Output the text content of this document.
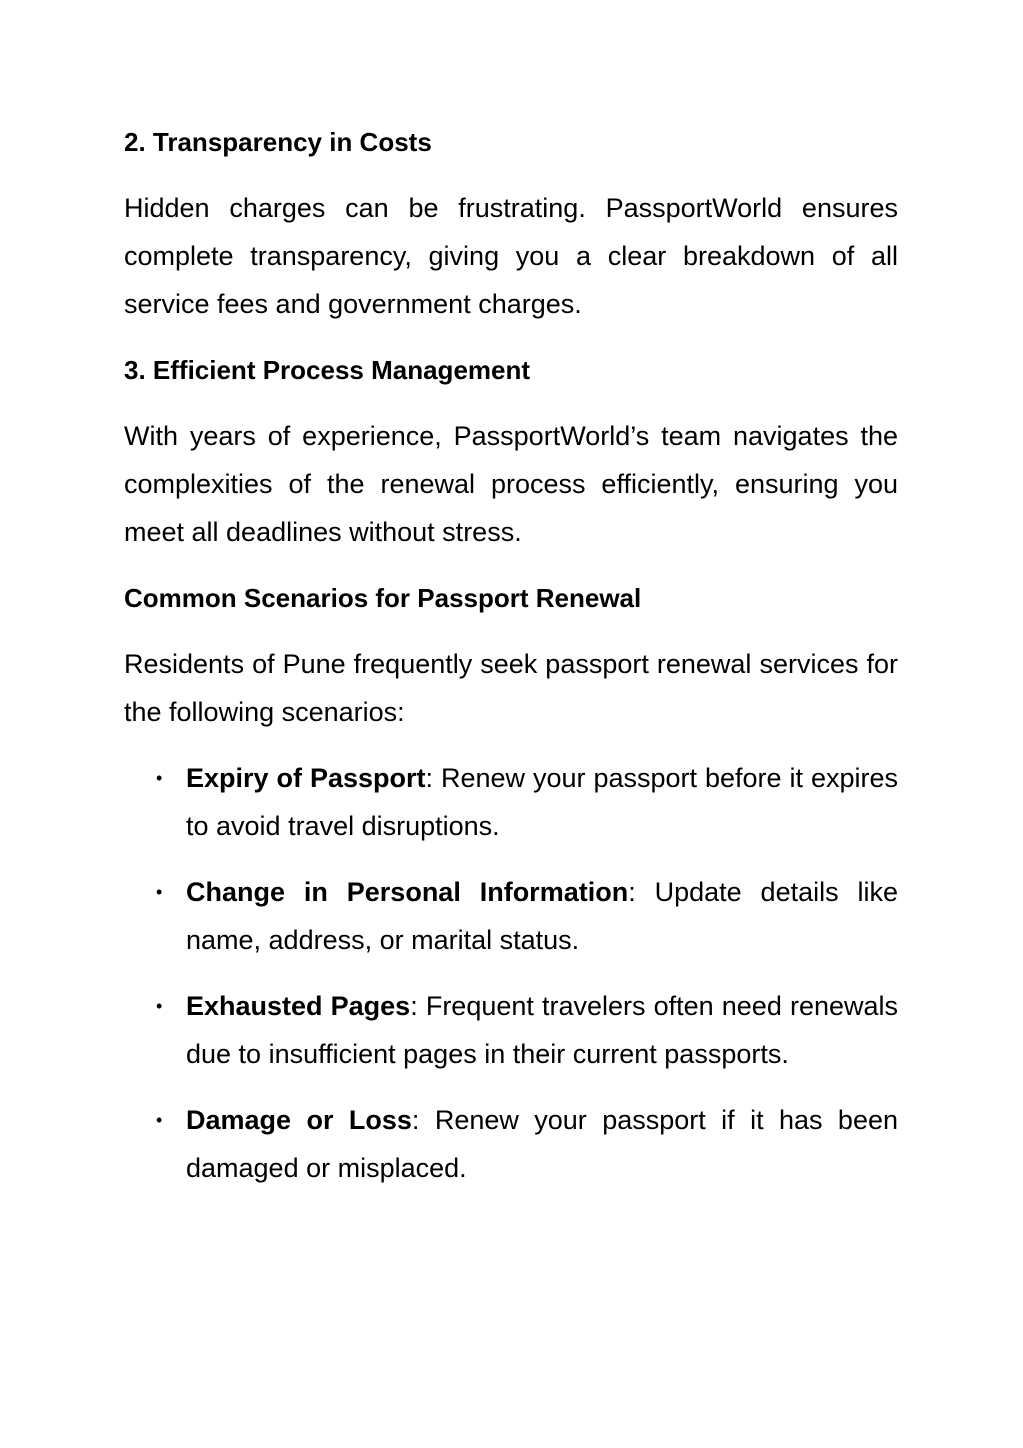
2. Transparency in Costs
Hidden charges can be frustrating. PassportWorld ensures complete transparency, giving you a clear breakdown of all service fees and government charges.
3. Efficient Process Management
With years of experience, PassportWorld’s team navigates the complexities of the renewal process efficiently, ensuring you meet all deadlines without stress.
Common Scenarios for Passport Renewal
Residents of Pune frequently seek passport renewal services for the following scenarios:
• Expiry of Passport: Renew your passport before it expires to avoid travel disruptions.
• Change in Personal Information: Update details like name, address, or marital status.
• Exhausted Pages: Frequent travelers often need renewals due to insufficient pages in their current passports.
• Damage or Loss: Renew your passport if it has been damaged or misplaced.
